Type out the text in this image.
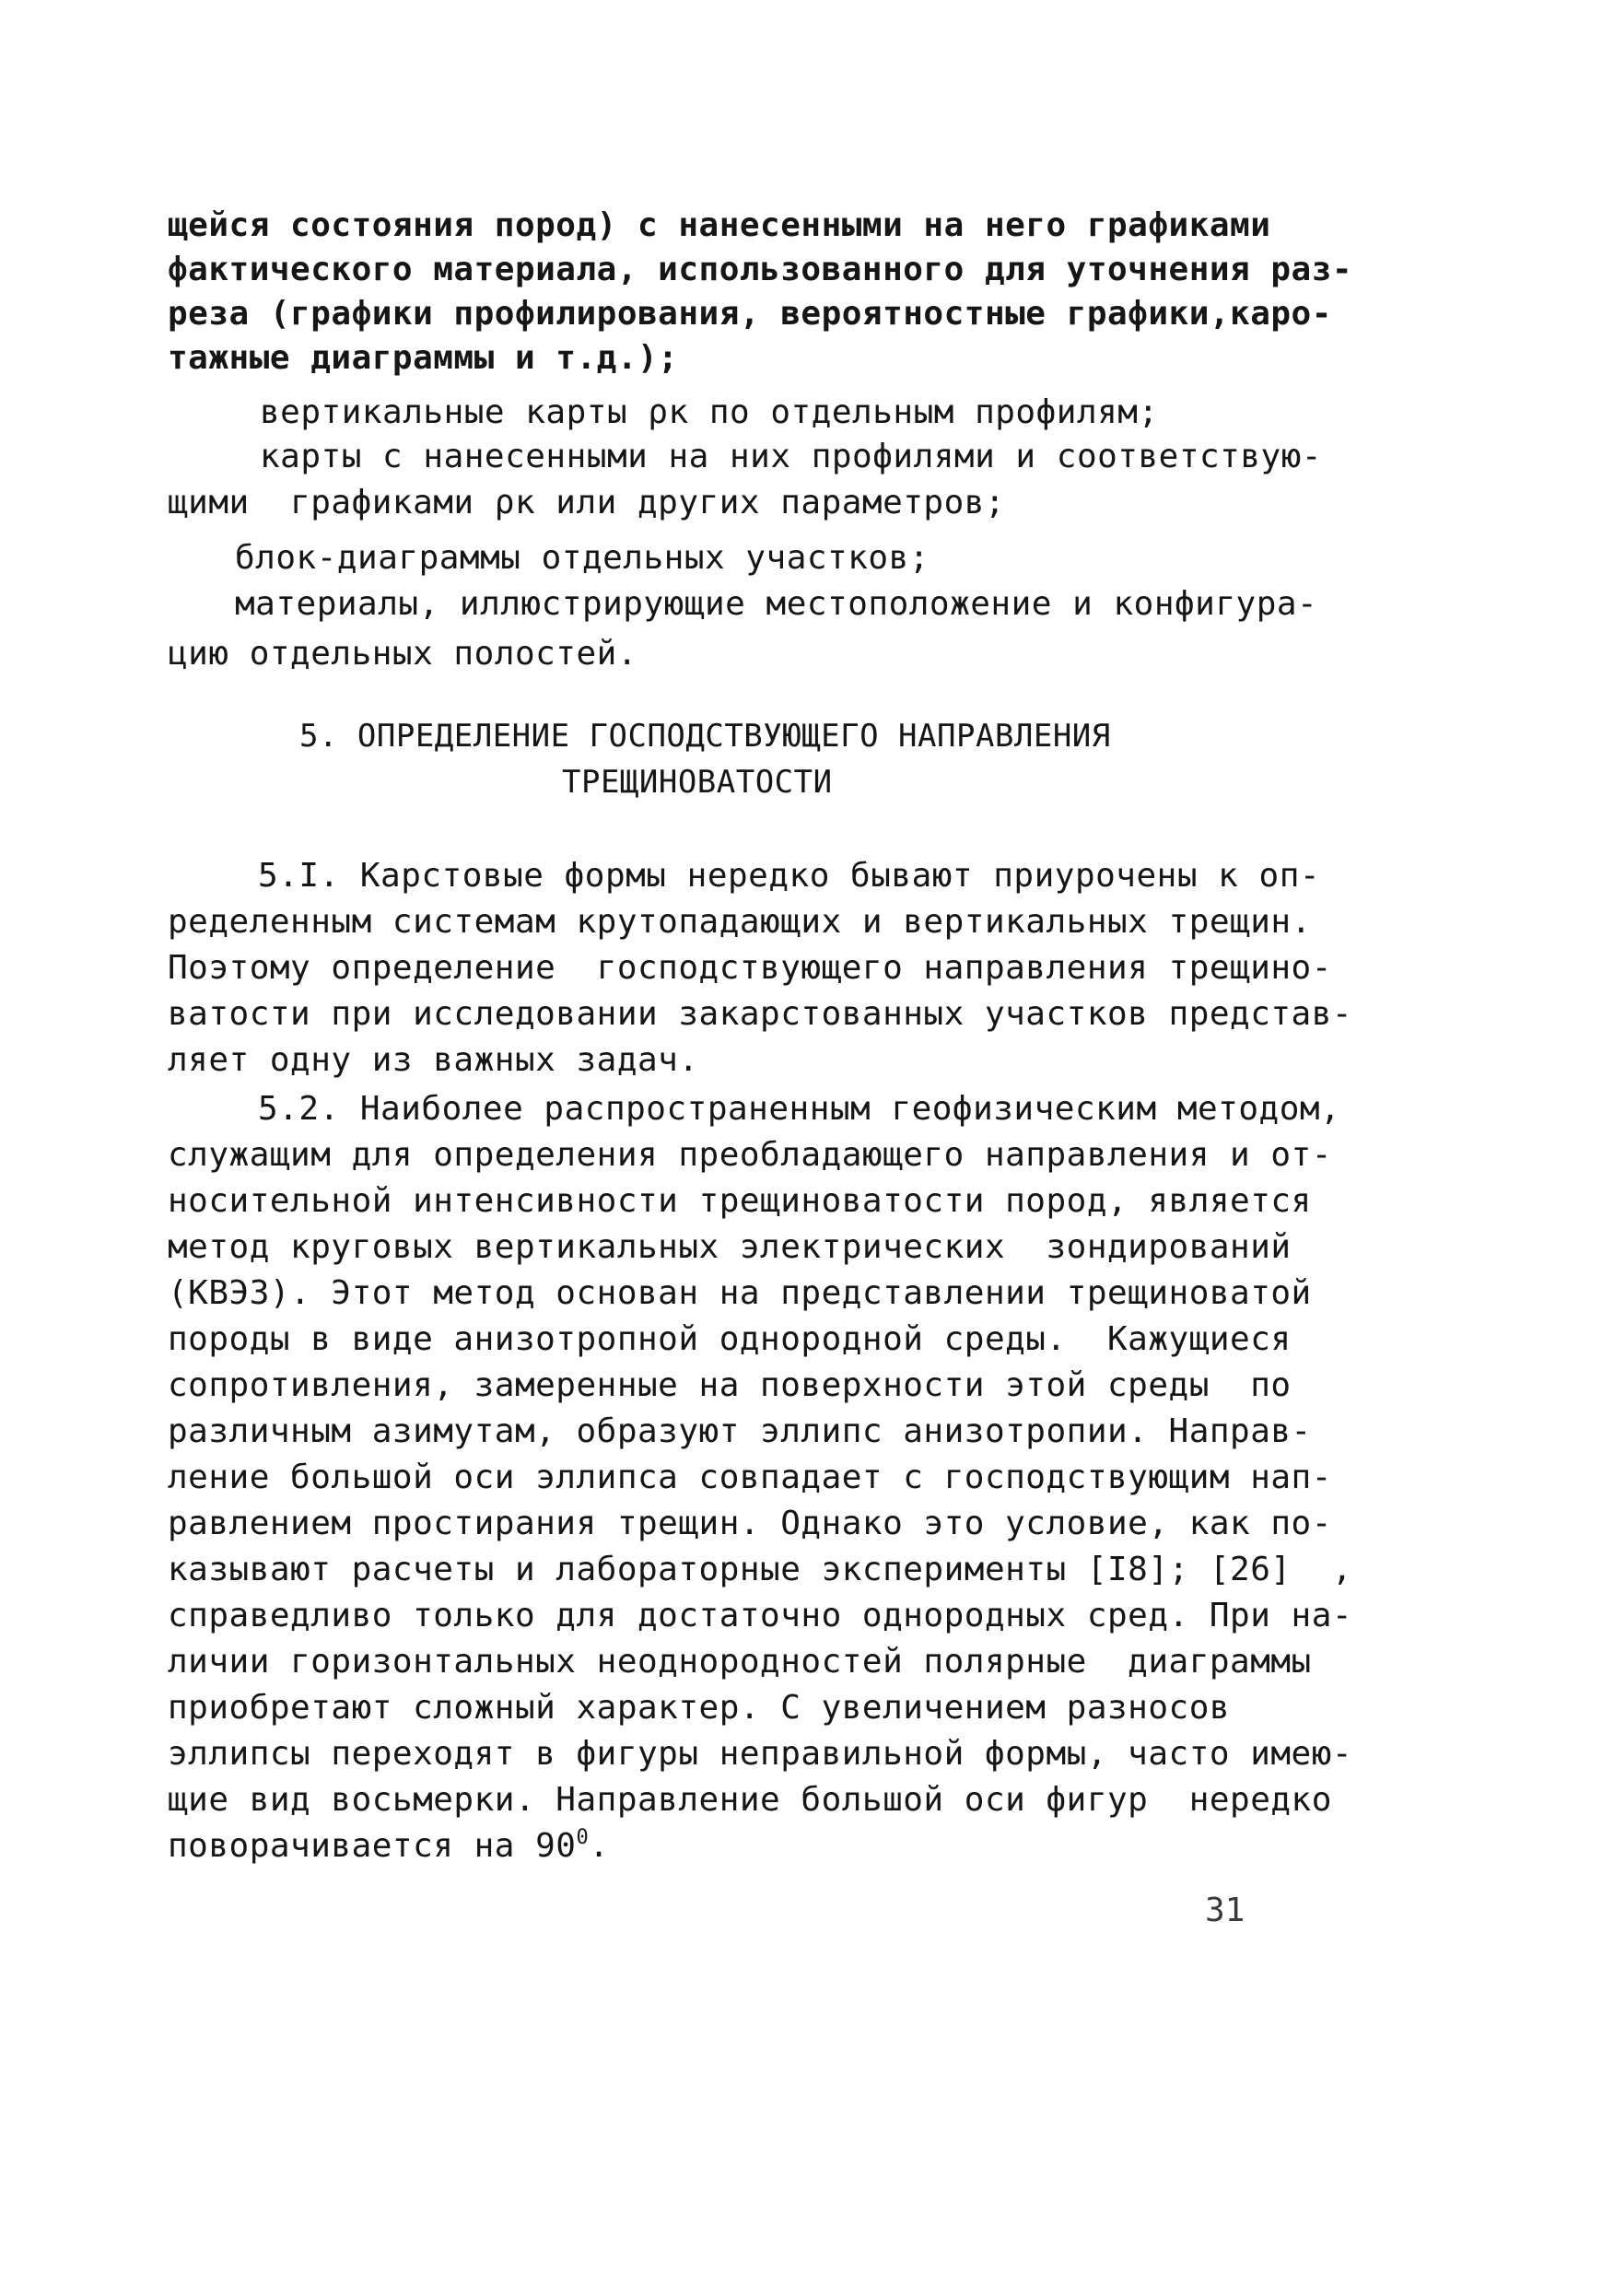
щейся состояния пород) с нанесенными на него графиками
фактического материала, использованного для уточнения раз-
реза (графики профилирования, вероятностные графики,каро-
тажные диаграммы и т.д.);
вертикальные карты ρк по отдельным профилям;
карты с нанесенными на них профилями и соответствую-
щими  графиками ρк или других параметров;
блок-диаграммы отдельных участков;
материалы, иллюстрирующие местоположение и конфигура-
цию отдельных полостей.
5. ОПРЕДЕЛЕНИЕ ГОСПОДСТВУЮЩЕГО НАПРАВЛЕНИЯ
ТРЕЩИНОВАТОСТИ
5.I. Карстовые формы нередко бывают приурочены к оп-
ределенным системам крутопадающих и вертикальных трещин.
Поэтому определение  господствующего направления трещино-
ватости при исследовании закарстованных участков представ-
ляет одну из важных задач.
5.2. Наиболее распространенным геофизическим методом,
служащим для определения преобладающего направления и от-
носительной интенсивности трещиноватости пород, является
метод круговых вертикальных электрических  зондирований
(КВЭЗ). Этот метод основан на представлении трещиноватой
породы в виде анизотропной однородной среды.  Кажущиеся
сопротивления, замеренные на поверхности этой среды  по
различным азимутам, образуют эллипс анизотропии. Направ-
ление большой оси эллипса совпадает с господствующим нап-
равлением простирания трещин. Однако это условие, как по-
казывают расчеты и лабораторные эксперименты [I8]; [26]  ,
справедливо только для достаточно однородных сред. При на-
личии горизонтальных неоднородностей полярные  диаграммы
приобретают сложный характер. С увеличением разносов
эллипсы переходят в фигуры неправильной формы, часто имею-
щие вид восьмерки. Направление большой оси фигур  нередко
поворачивается на $90^0$.
31
